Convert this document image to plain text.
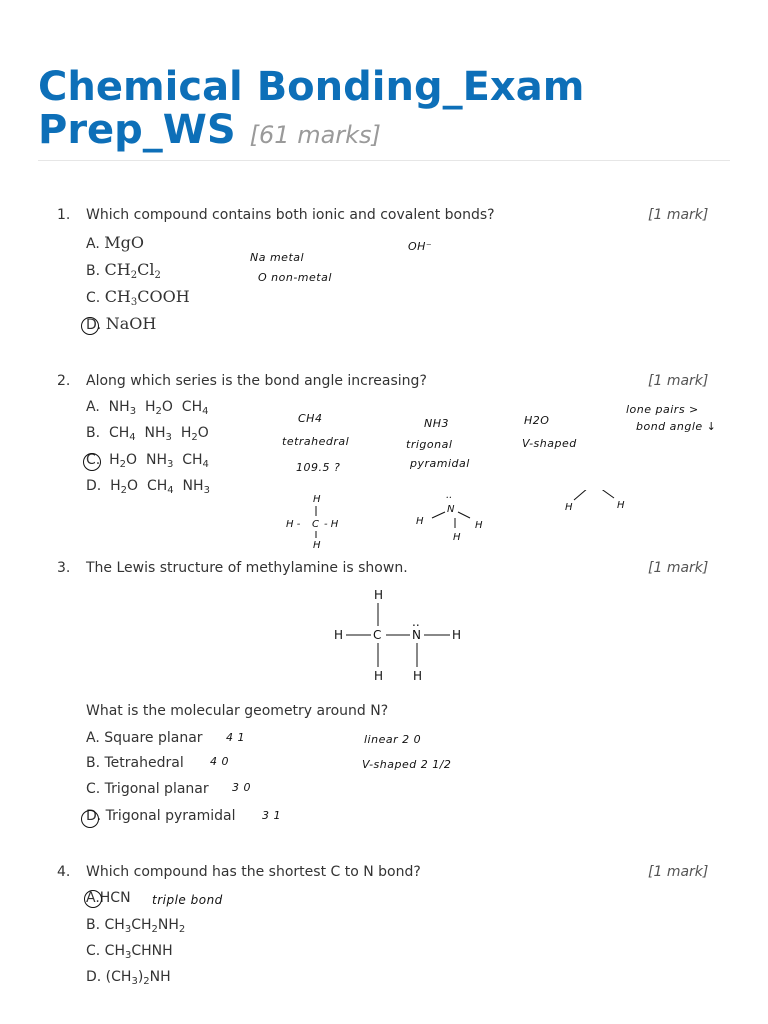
Chemical Bonding_Exam Prep_WS [61 marks]
1. Which compound contains both ionic and covalent bonds?	[1 mark]
A. MgO
B. $CH_2Cl_2$
C. $CH_3COOH$
D. NaOH
Na metal
O non-metal
OH⁻
2. Along which series is the bond angle increasing?	[1 mark]
A.  $NH_3$  $H_2O$  $CH_4$
B.  $CH_4$  $NH_3$  $H_2O$
C.  $H_2O$  $NH_3$  $CH_4$
D.  $H_2O$  $CH_4$  $NH_3$
CH4
tetrahedral
109.5 ?
NH3
trigonal
pyramidal
H2O
V-shaped
lone pairs >
bond angle ↓
H
H - C - H
H
..
N
H	H
H
H	H
3. The Lewis structure of methylamine is shown.	[1 mark]
H
H C
..
N	H
H H
What is the molecular geometry around N?
A. Square planar
B. Tetrahedral
C. Trigonal planar
D. Trigonal pyramidal
4 1
4 0
3 0
3 1
linear 2 0
V-shaped 2 1/2
4. Which compound has the shortest C to N bond?	[1 mark]
A.HCN
B. $CH_3CH_2NH_2$
C. $CH_3CHNH$
D. $(CH_3)_2NH$
triple bond
